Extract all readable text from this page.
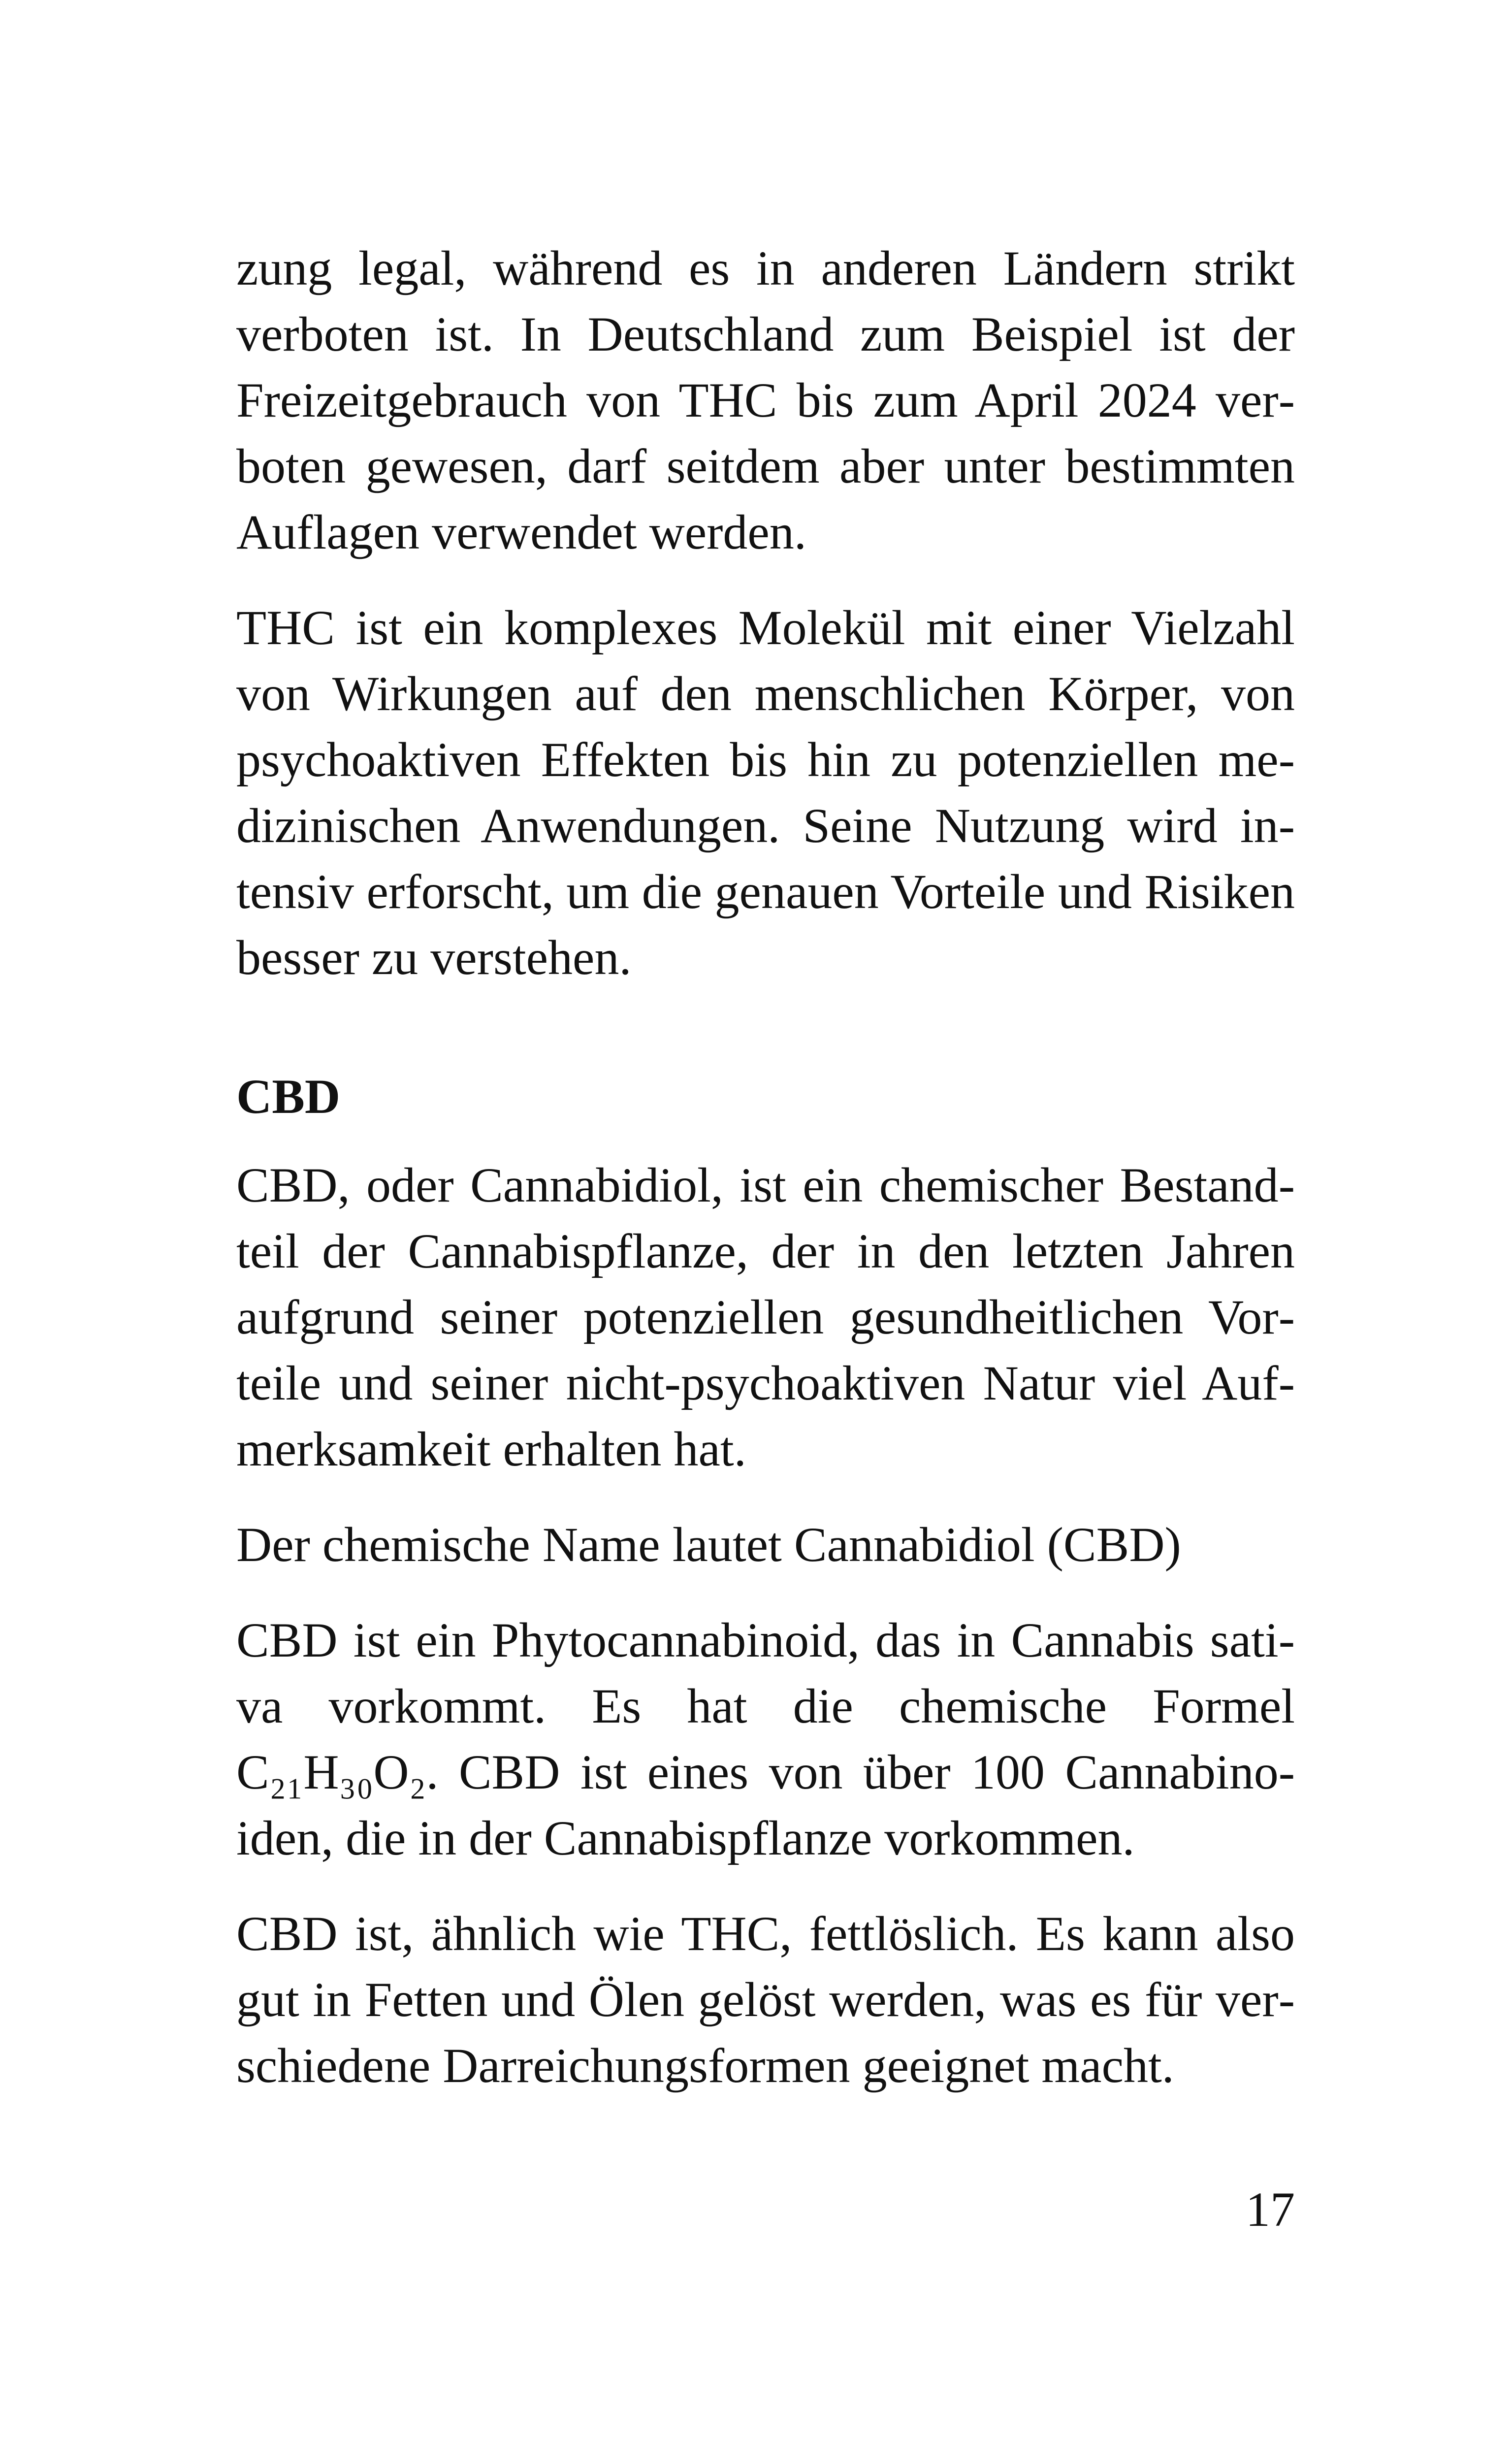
zung legal, während es in anderen Ländern strikt verboten ist. In Deutschland zum Beispiel ist der Freizeitgebrauch von THC bis zum April 2024 verboten gewesen, darf seitdem aber unter bestimmten Auflagen verwendet werden.

THC ist ein komplexes Molekül mit einer Vielzahl von Wirkungen auf den menschlichen Körper, von psychoaktiven Effekten bis hin zu potenziellen medizinischen Anwendungen. Seine Nutzung wird intensiv erforscht, um die genauen Vorteile und Risiken besser zu verstehen.

CBD

CBD, oder Cannabidiol, ist ein chemischer Bestandteil der Cannabispflanze, der in den letzten Jahren aufgrund seiner potenziellen gesundheitlichen Vorteile und seiner nicht-psychoaktiven Natur viel Aufmerksamkeit erhalten hat.

Der chemische Name lautet Cannabidiol (CBD)

CBD ist ein Phytocannabinoid, das in Cannabis sativa vorkommt. Es hat die chemische Formel C₂₁H₃₀O₂. CBD ist eines von über 100 Cannabinoiden, die in der Cannabispflanze vorkommen.

CBD ist, ähnlich wie THC, fettlöslich. Es kann also gut in Fetten und Ölen gelöst werden, was es für verschiedene Darreichungsformen geeignet macht.

17
